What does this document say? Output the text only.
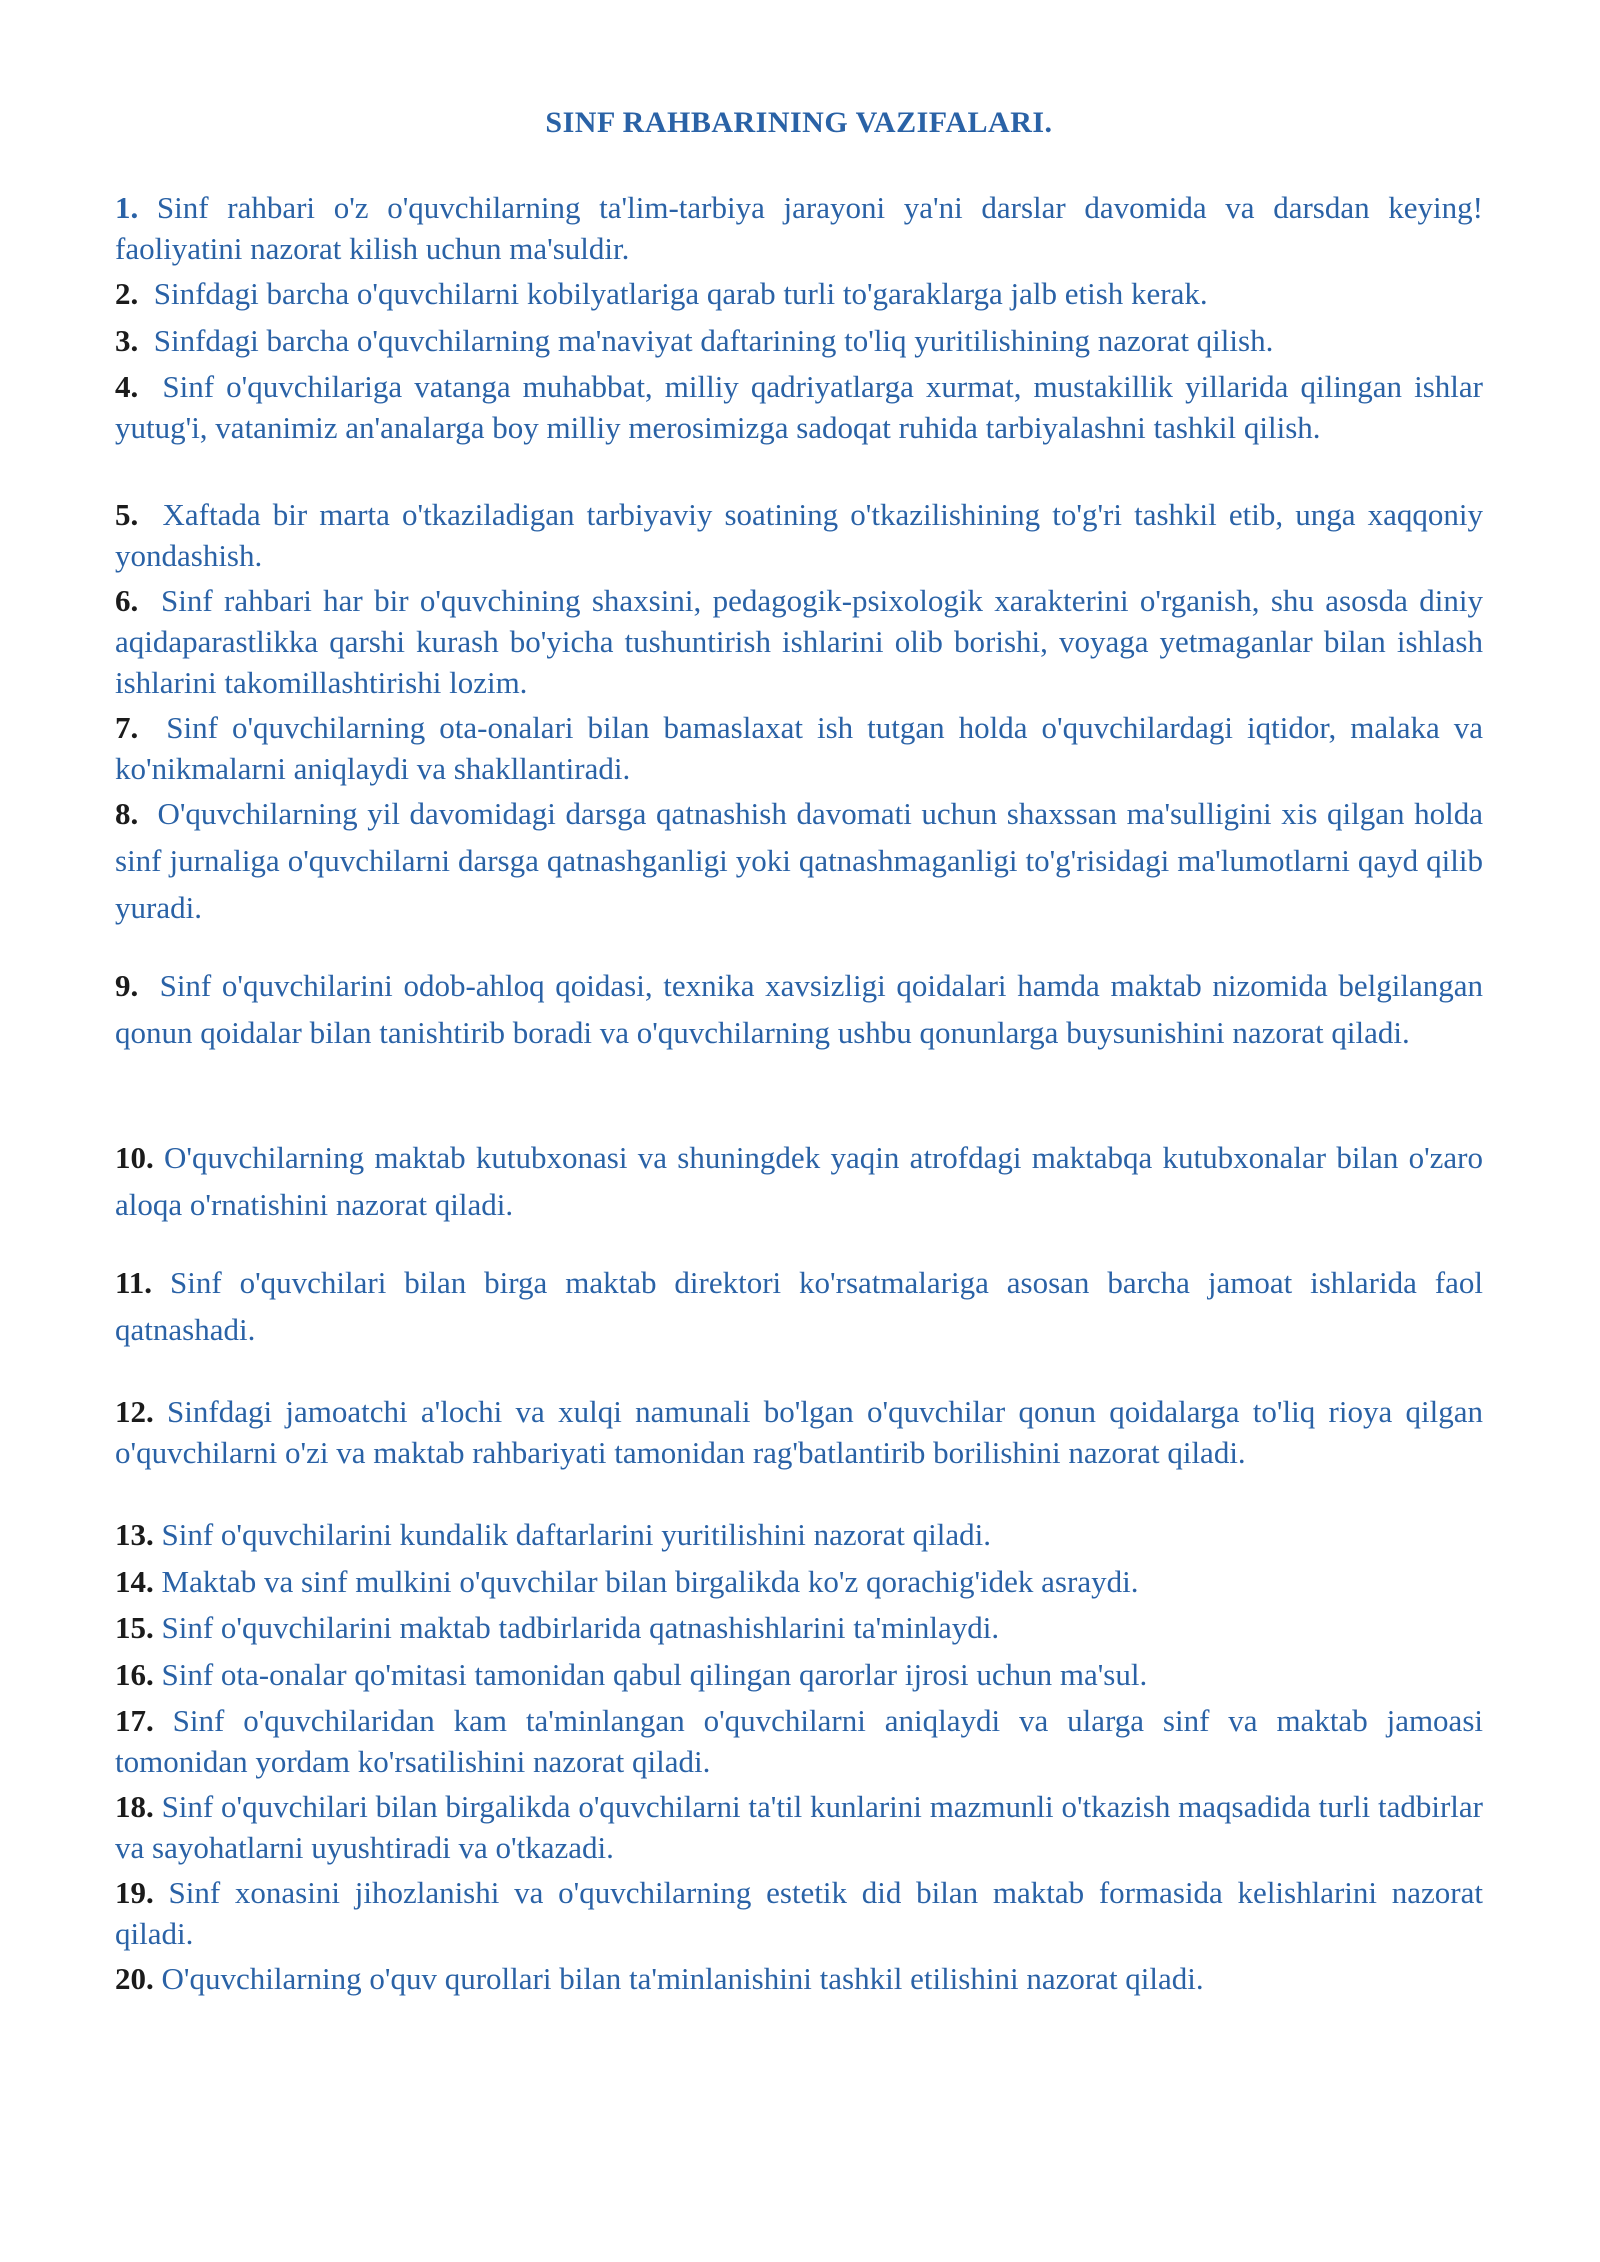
SINF RAHBARINING VAZIFALARI.
1. Sinf rahbari o'z o'quvchilarning ta'lim-tarbiya jarayoni ya'ni darslar davomida va darsdan keying! faoliyatini nazorat kilish uchun ma'suldir.
2. Sinfdagi barcha o'quvchilarni kobilyatlariga qarab turli to'garaklarga jalb etish kerak.
3. Sinfdagi barcha o'quvchilarning ma'naviyat daftarining to'liq yuritilishining nazorat qilish.
4. Sinf o'quvchilariga vatanga muhabbat, milliy qadriyatlarga xurmat, mustakillik yillarida qilingan ishlar yutug'i, vatanimiz an'analarga boy milliy merosimizga sadoqat ruhida tarbiyalashni tashkil qilish.
5. Xaftada bir marta o'tkaziladigan tarbiyaviy soatining o'tkazilishining to'g'ri tashkil etib, unga xaqqoniy yondashish.
6. Sinf rahbari har bir o'quvchining shaxsini, pedagogik-psixologik xarakterini o'rganish, shu asosda diniy aqidaparastlikka qarshi kurash bo'yicha tushuntirish ishlarini olib borishi, voyaga yetmaganlar bilan ishlash ishlarini takomillashtirishi lozim.
7. Sinf o'quvchilarning ota-onalari bilan bamaslaxat ish tutgan holda o'quvchilardagi iqtidor, malaka va ko'nikmalarni aniqlaydi va shakllantiradi.
8. O'quvchilarning yil davomidagi darsga qatnashish davomati uchun shaxssan ma'sulligini xis qilgan holda sinf jurnaliga o'quvchilarni darsga qatnashganligi yoki qatnashmaganligi to'g'risidagi ma'lumotlarni qayd qilib yuradi.
9. Sinf o'quvchilarini odob-ahloq qoidasi, texnika xavsizligi qoidalari hamda maktab nizomida belgilangan qonun qoidalar bilan tanishtirib boradi va o'quvchilarning ushbu qonunlarga buysunishini nazorat qiladi.
10. O'quvchilarning maktab kutubxonasi va shuningdek yaqin atrofdagi maktabqa kutubxonalar bilan o'zaro aloqa o'rnatishini nazorat qiladi.
11. Sinf o'quvchilari bilan birga maktab direktori ko'rsatmalariga asosan barcha jamoat ishlarida faol qatnashadi.
12. Sinfdagi jamoatchi a'lochi va xulqi namunali bo'lgan o'quvchilar qonun qoidalarga to'liq rioya qilgan o'quvchilarni o'zi va maktab rahbariyati tamonidan rag'batlantirib borilishini nazorat qiladi.
13. Sinf o'quvchilarini kundalik daftarlarini yuritilishini nazorat qiladi.
14. Maktab va sinf mulkini o'quvchilar bilan birgalikda ko'z qorachig'idek asraydi.
15. Sinf o'quvchilarini maktab tadbirlarida qatnashishlarini ta'minlaydi.
16. Sinf ota-onalar qo'mitasi tamonidan qabul qilingan qarorlar ijrosi uchun ma'sul.
17. Sinf o'quvchilaridan kam ta'minlangan o'quvchilarni aniqlaydi va ularga sinf va maktab jamoasi tomonidan yordam ko'rsatilishini nazorat qiladi.
18. Sinf o'quvchilari bilan birgalikda o'quvchilarni ta'til kunlarini mazmunli o'tkazish maqsadida turli tadbirlar va sayohatlarni uyushtiradi va o'tkazadi.
19. Sinf xonasini jihozlanishi va o'quvchilarning estetik did bilan maktab formasida kelishlarini nazorat qiladi.
20. O'quvchilarning o'quv qurollari bilan ta'minlanishini tashkil etilishini nazorat qiladi.
